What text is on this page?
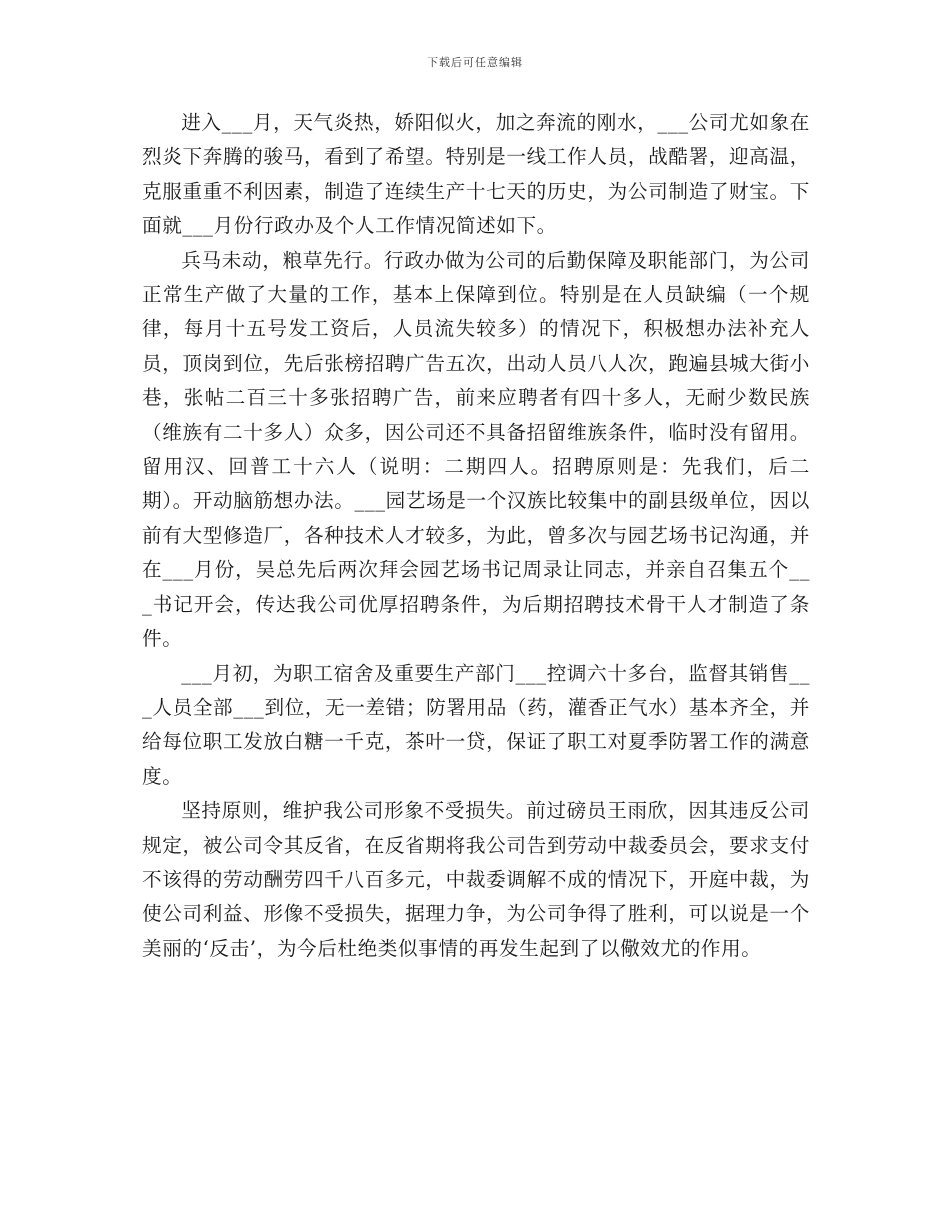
下载后可任意编辑

进入___月，天气炎热，娇阳似火，加之奔流的刚水，___公司尤如象在烈炎下奔腾的骏马，看到了希望。特别是一线工作人员，战酷署，迎高温，克服重重不利因素，制造了连续生产十七天的历史，为公司制造了财宝。下面就___月份行政办及个人工作情况简述如下。

兵马未动，粮草先行。行政办做为公司的后勤保障及职能部门，为公司正常生产做了大量的工作，基本上保障到位。特别是在人员缺编（一个规律，每月十五号发工资后，人员流失较多）的情况下，积极想办法补充人员，顶岗到位，先后张榜招聘广告五次，出动人员八人次，跑遍县城大街小巷，张帖二百三十多张招聘广告，前来应聘者有四十多人，无耐少数民族（维族有二十多人）众多，因公司还不具备招留维族条件，临时没有留用。留用汉、回普工十六人（说明：二期四人。招聘原则是：先我们，后二期）。开动脑筋想办法。___园艺场是一个汉族比较集中的副县级单位，因以前有大型修造厂，各种技术人才较多，为此，曾多次与园艺场书记沟通，并在___月份，吴总先后两次拜会园艺场书记周录让同志，并亲自召集五个___书记开会，传达我公司优厚招聘条件，为后期招聘技术骨干人才制造了条件。

___月初，为职工宿舍及重要生产部门___控调六十多台，监督其销售___人员全部___到位，无一差错；防署用品（药，灌香正气水）基本齐全，并给每位职工发放白糖一千克，茶叶一贷，保证了职工对夏季防署工作的满意度。

坚持原则，维护我公司形象不受损失。前过磅员王雨欣，因其违反公司规定，被公司令其反省，在反省期将我公司告到劳动中裁委员会，要求支付不该得的劳动酬劳四千八百多元，中裁委调解不成的情况下，开庭中裁，为使公司利益、形像不受损失，据理力争，为公司争得了胜利，可以说是一个美丽的‘反击’，为今后杜绝类似事情的再发生起到了以儆效尤的作用。
